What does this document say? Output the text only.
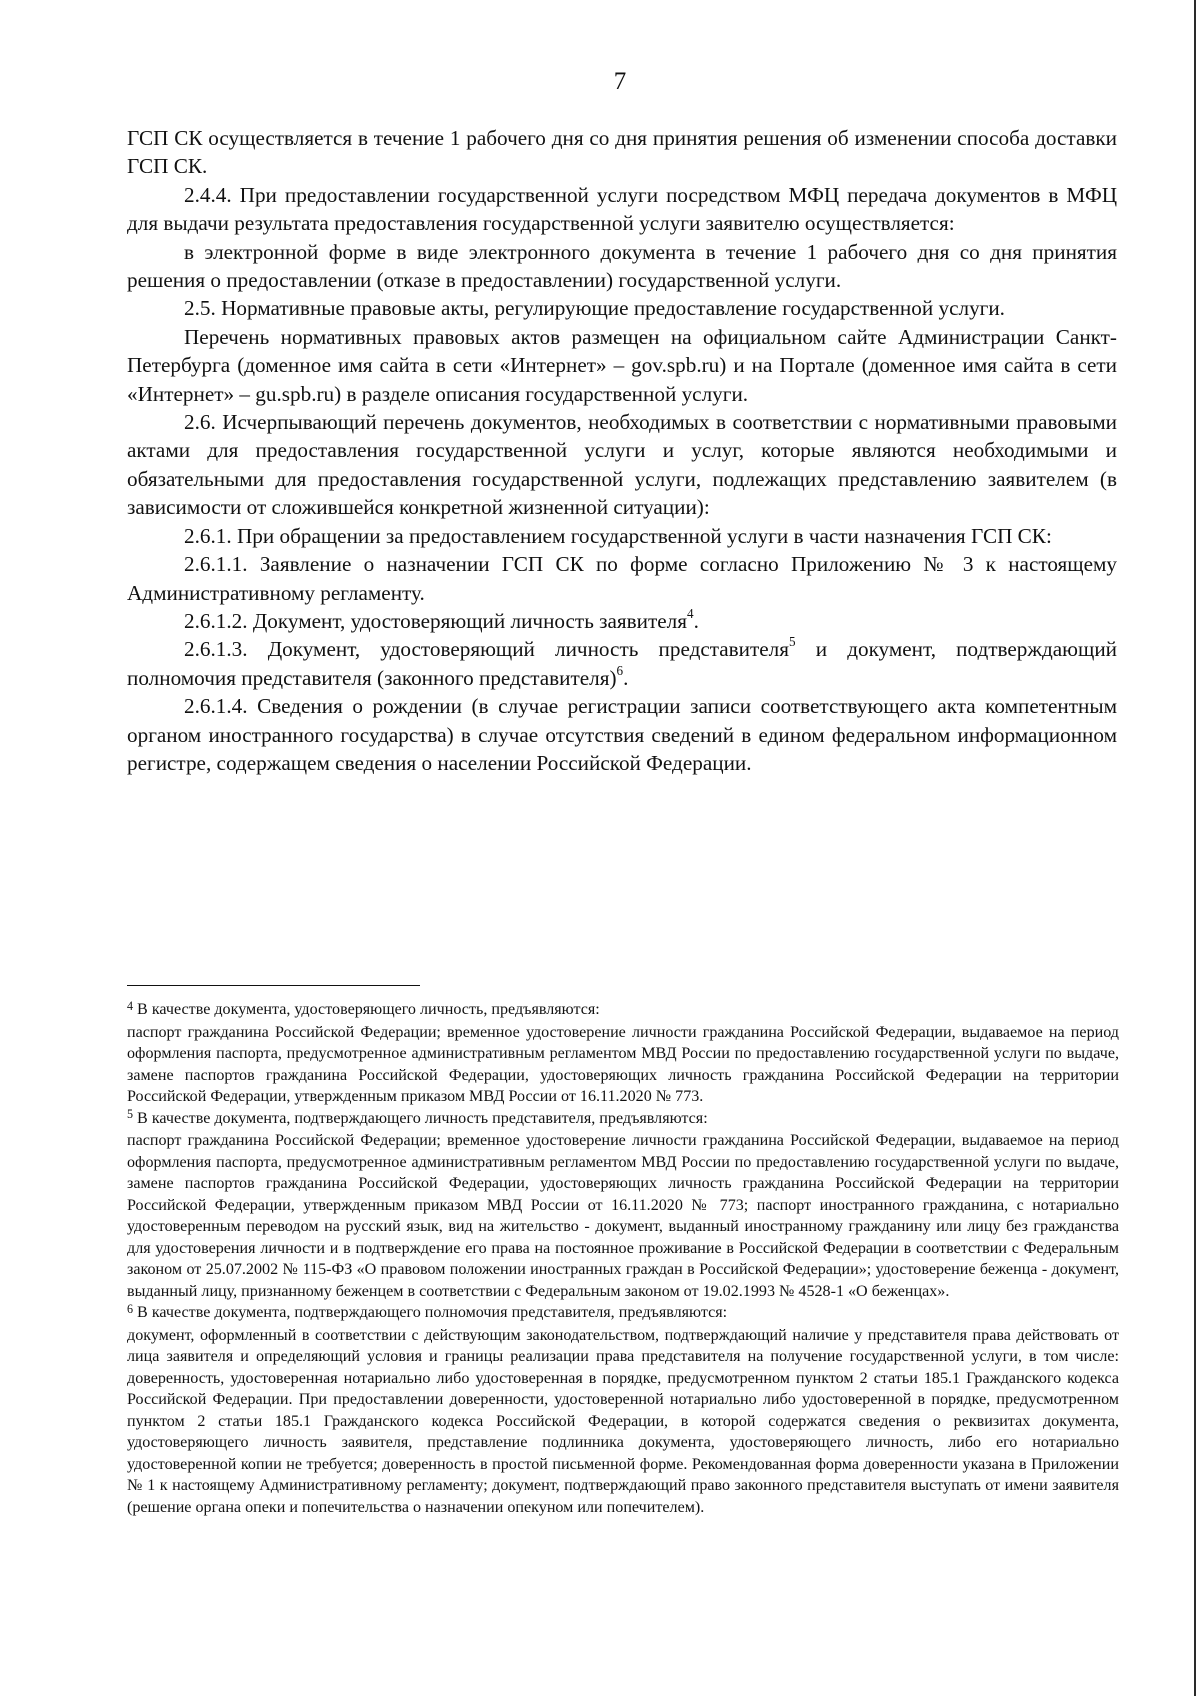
7

ГСП СК осуществляется в течение 1 рабочего дня со дня принятия решения об изменении способа доставки ГСП СК.

2.4.4. При предоставлении государственной услуги посредством МФЦ передача документов в МФЦ для выдачи результата предоставления государственной услуги заявителю осуществляется:

в электронной форме в виде электронного документа в течение 1 рабочего дня со дня принятия решения о предоставлении (отказе в предоставлении) государственной услуги.

2.5. Нормативные правовые акты, регулирующие предоставление государственной услуги.

Перечень нормативных правовых актов размещен на официальном сайте Администрации Санкт-Петербурга (доменное имя сайта в сети «Интернет» – gov.spb.ru) и на Портале (доменное имя сайта в сети «Интернет» – gu.spb.ru) в разделе описания государственной услуги.

2.6. Исчерпывающий перечень документов, необходимых в соответствии с нормативными правовыми актами для предоставления государственной услуги и услуг, которые являются необходимыми и обязательными для предоставления государственной услуги, подлежащих представлению заявителем (в зависимости от сложившейся конкретной жизненной ситуации):

2.6.1. При обращении за предоставлением государственной услуги в части назначения ГСП СК:

2.6.1.1. Заявление о назначении ГСП СК по форме согласно Приложению № 3 к настоящему Административному регламенту.

2.6.1.2. Документ, удостоверяющий личность заявителя$^4$.

2.6.1.3. Документ, удостоверяющий личность представителя$^5$ и документ, подтверждающий полномочия представителя (законного представителя)$^6$.

2.6.1.4. Сведения о рождении (в случае регистрации записи соответствующего акта компетентным органом иностранного государства) в случае отсутствия сведений в едином федеральном информационном регистре, содержащем сведения о населении Российской Федерации.

$^4$ В качестве документа, удостоверяющего личность, предъявляются:

паспорт гражданина Российской Федерации; временное удостоверение личности гражданина Российской Федерации, выдаваемое на период оформления паспорта, предусмотренное административным регламентом МВД России по предоставлению государственной услуги по выдаче, замене паспортов гражданина Российской Федерации, удостоверяющих личность гражданина Российской Федерации на территории Российской Федерации, утвержденным приказом МВД России от 16.11.2020 № 773.

$^5$ В качестве документа, подтверждающего личность представителя, предъявляются:

паспорт гражданина Российской Федерации; временное удостоверение личности гражданина Российской Федерации, выдаваемое на период оформления паспорта, предусмотренное административным регламентом МВД России по предоставлению государственной услуги по выдаче, замене паспортов гражданина Российской Федерации, удостоверяющих личность гражданина Российской Федерации на территории Российской Федерации, утвержденным приказом МВД России от 16.11.2020 № 773; паспорт иностранного гражданина, с нотариально удостоверенным переводом на русский язык, вид на жительство - документ, выданный иностранному гражданину или лицу без гражданства для удостоверения личности и в подтверждение его права на постоянное проживание в Российской Федерации в соответствии с Федеральным законом от 25.07.2002 № 115-ФЗ «О правовом положении иностранных граждан в Российской Федерации»; удостоверение беженца - документ, выданный лицу, признанному беженцем в соответствии с Федеральным законом от 19.02.1993 № 4528-1 «О беженцах».

$^6$ В качестве документа, подтверждающего полномочия представителя, предъявляются:

документ, оформленный в соответствии с действующим законодательством, подтверждающий наличие у представителя права действовать от лица заявителя и определяющий условия и границы реализации права представителя на получение государственной услуги, в том числе: доверенность, удостоверенная нотариально либо удостоверенная в порядке, предусмотренном пунктом 2 статьи 185.1 Гражданского кодекса Российской Федерации. При предоставлении доверенности, удостоверенной нотариально либо удостоверенной в порядке, предусмотренном пунктом 2 статьи 185.1 Гражданского кодекса Российской Федерации, в которой содержатся сведения о реквизитах документа, удостоверяющего личность заявителя, представление подлинника документа, удостоверяющего личность, либо его нотариально удостоверенной копии не требуется; доверенность в простой письменной форме. Рекомендованная форма доверенности указана в Приложении № 1 к настоящему Административному регламенту; документ, подтверждающий право законного представителя выступать от имени заявителя (решение органа опеки и попечительства о назначении опекуном или попечителем).
